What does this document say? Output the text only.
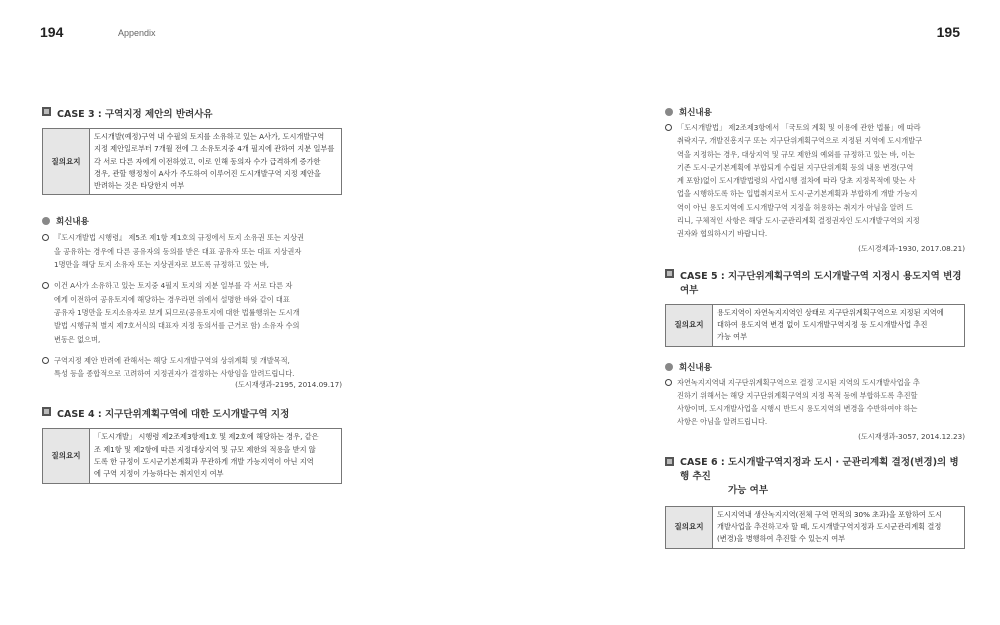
194	Appendix	195
CASE 3 : 구역지정 제안의 반려사유
질의요지
도시개발(예정)구역 내 수필의 토지를 소유하고 있는 A사가, 도시개발구역
지정 제안일로부터 7개월 전에 그 소유토지중 4개 필지에 관하여 지분 일부를
각 서로 다른 자에게 이전하였고, 이로 인해 동의자 수가 급격하게 증가한
경우, 관할 행정청이 A사가 주도하여 이루어진 도시개발구역 지정 제안을
반려하는 것은 타당한지 여부
회신내용
『도시개발법 시행령』 제5조 제1항 제1호의 규정에서 토지 소유권 또는 지상권
을 공유하는 경우에 다른 공유자의 동의를 받은 대표 공유자 또는 대표 지상권자
1명만을 해당 토지 소유자 또는 지상권자로 보도록 규정하고 있는 바,
이건 A사가 소유하고 있는 토지중 4필지 토지의 지분 일부를 각 서로 다른 자
에게 이전하여 공유토지에 해당하는 경우라면 위에서 설명한 바와 같이 대표
공유자 1명만을 토지소유자로 보게 되므로(공유토지에 대한 법률행위는 도시개
발법 시행규칙 별지 제7호서식의 대표자 지정 동의서를 근거로 함) 소유자 수의
변동은 없으며,
구역지정 제안 반려에 관해서는 해당 도시개발구역의 상위계획 및 개발목적,
특성 등을 종합적으로 고려하여 지정권자가 결정하는 사항임을 알려드립니다.
(도시재생과-2195, 2014.09.17)
CASE 4 : 지구단위계획구역에 대한 도시개발구역 지정
질의요지
「도시개발」 시행령 제2조제3항제1호 및 제2호에 해당하는 경우, 같은
조 제1항 및 제2항에 따른 지정대상지역 및 규모 제한의 적용을 받지 않
도록 한 규정이 도시군기본계획과 무관하게 개발 가능지역이 아닌 지역
에 구역 지정이 가능하다는 취지인지 여부
회신내용
「도시개발법」 제2조제3항에서 「국토의 계획 및 이용에 관한 법률」에 따라
취락지구, 개발진흥지구 또는 지구단위계획구역으로 지정된 지역에 도시개발구
역을 지정하는 경우, 대상지역 및 규모 제한의 예외를 규정하고 있는 바, 이는
기존 도시·군기본계획에 부합되게 수립된 지구단위계획 등의 내용 변경(구역
계 포함)없이 도시개발법령의 사업시행 절차에 따라 당초 지정목적에 맞는 사
업을 시행하도록 하는 입법취지로서 도시·군기본계획과 부합하게 개발 가능지
역이 아닌 용도지역에 도시개발구역 지정을 허용하는 취지가 아님을 알려 드
리니, 구체적인 사항은 해당 도시·군관리계획 결정권자인 도시개발구역의 지정
권자와 협의하시기 바랍니다.
(도시경제과-1930, 2017.08.21)
CASE 5 : 지구단위계획구역의 도시개발구역 지정시 용도지역 변경 여부
질의요지
용도지역이 자연녹지지역인 상태로 지구단위계획구역으로 지정된 지역에
대하여 용도지역 변경 없이 도시개발구역지정 등 도시개발사업 추진
가능 여부
회신내용
자연녹지지역내 지구단위계획구역으로 결정 고시된 지역의 도시개발사업을 추
진하기 위해서는 해당 지구단위계획구역의 지정 목적 등에 부합하도록 추진할
사항이며, 도시개발사업을 시행시 반드시 용도지역의 변경을 수반하여야 하는
사항은 아님을 알려드립니다.
(도시재생과-3057, 2014.12.23)
CASE 6 : 도시개발구역지정과 도시 · 군관리계획 결정(변경)의 병행 추진
가능 여부
질의요지
도시지역내 생산녹지지역(전체 구역 면적의 30% 초과)을 포함하여 도시
개발사업을 추진하고자 할 때, 도시개발구역지정과 도시군관리계획 결정
(변경)을 병행하여 추진할 수 있는지 여부
